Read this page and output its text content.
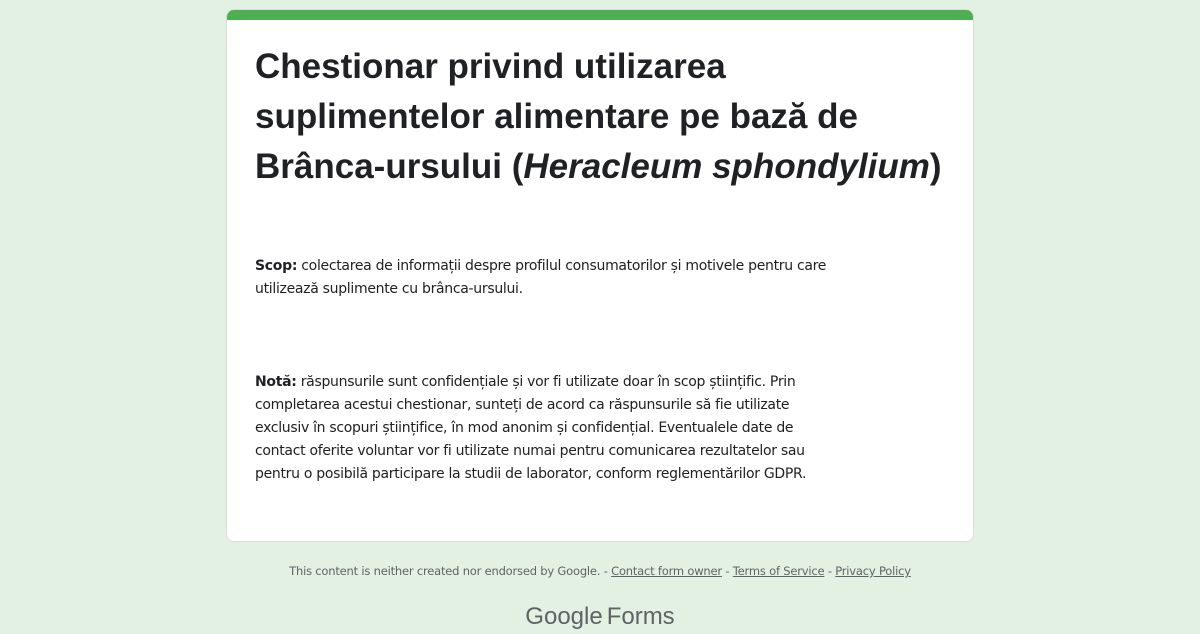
Chestionar privind utilizarea suplimentelor alimentare pe bază de Brânca-ursului (Heracleum sphondylium)

Scop: colectarea de informații despre profilul consumatorilor și motivele pentru care utilizează suplimente cu brânca-ursului.

Notă: răspunsurile sunt confidențiale și vor fi utilizate doar în scop științific. Prin completarea acestui chestionar, sunteți de acord ca răspunsurile să fie utilizate exclusiv în scopuri științifice, în mod anonim și confidențial. Eventualele date de contact oferite voluntar vor fi utilizate numai pentru comunicarea rezultatelor sau pentru o posibilă participare la studii de laborator, conform reglementărilor GDPR.

This content is neither created nor endorsed by Google. - Contact form owner - Terms of Service - Privacy Policy
Google Forms
